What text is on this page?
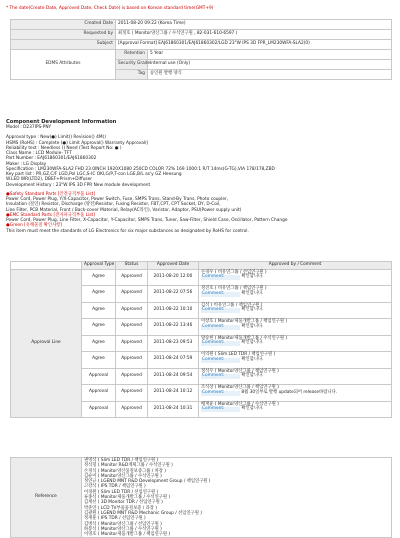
* The date(Create Date, Approved Date, Check Date) is based on Korean standard time(GMT+9)
Created Date	2011-08-20 09:22 (Korea Time)	
Requested by	최정호 ( Monitor양산그룹 / 수석연구원 , 82-031-610-6597 )	
Subject	[Approval Format] EAJ61860301/EAJ61860302/LGD 23"W IPS 3D FPR_LM230WFA-SLA2(0)	
EDMS Attributes	Retention	5 Year
	Security Grade	Internal use (Only)
	Tag	승인원 발행 양식
Component Development Information
Model : D237IPS-PNY
Approval type : New(●) Limit() Revision() 4M()
HSMS (RoHS) : Complete (●) Limit Approval() Warranty Approval()
Reliability test : Needless () Need (Test Report No: ● )
Class Name : LCD Module- TFT
Part Number : EAJ61860301/EAJ61860302
Maker : LG Display
Specification : LM230WFA-SLA2 FHD 23.0INCH 1920X1080 250CD COLOR 72% 169 1000:1 R/T 14ms(G-TG),VIA 178/178,ZBD
Key part list : PR,GZ,C/F LGD,Pol LGC,S-IC OKI,G/P,T-con LGE,B/L as'y GZ Heesung
W.LED WR(LTD2), DBEF+Prism+Diffuser
Development History : 23"W IPS 3D FPR New module development
●Safety Standard Parts [안전규격부품 List]
Power Cord, Power Plug, Y/X-Capacitor, Power Switch, Fuse, SMPS Trans, Stand-By Trans, Photo coupler,
Insulation (절연) Resistor, Discharge (방전)Resistor, Fusing Resistor, FBT,CPT, CPT Socket, DY, D-Coil,
Line Filter, PCB Material, Front / Back-cover Material, Relay(AC라인), Varistor, Adaptor, PSU(Power supply unit)
●EMC Standard Parts [전자파규격부품 List]
Power Cord, Power Plug, Line Filter, X-Capacitor, Y-Capacitor, SMPS Trans, Tuner, Saw-Filter, Shield Case, Oscillator, Pattern Change
●Green [유해물질 확인사항]
This item must meet the standards of LG Electronics for six major substances as designated by RoHS for control.
	Approval Type	Status	Approved Date	Approved by / Comment
Approval Line	Agree	Approved	2011-08-20 12:00	손경우 ( 비유연그룹 / 선임연구원 )
Comment: 확인합니다.

	Agree	Approved	2011-08-22 07:56	정진호 ( 비유연그룹 / 책임연구원 )
Comment: 확인합니다.

	Agree	Approved	2011-08-22 10:10	김석 ( 비유연그룹 / 책임연구원 )
Comment: 확인합니다.

	Agree	Approved	2011-08-22 13:46	이창호 ( Monitor제품개발그룹 / 책임연구원 )
Comment: 확인합니다.

	Agree	Approved	2011-08-23 09:53	양승현 ( Monitor제품개발그룹 / 수석연구원 )
Comment: 확인합니다.

	Agree	Approved	2011-08-24 07:59	이의원 ( Slim LED TDR / 책임연구원 )
Comment: 확인합니다.

	Approval	Approved	2011-08-24 09:54	정석우 ( Monitor양산그룹 / 책임연구원 )
Comment: 확인합니다.

	Approval	Approved	2011-08-24 10:12	조석상 ( Monitor양산그룹 / 책임연구원 )
Comment: 8월 30일부로 발행 update되어 release바랍니다.

	Approval	Approved	2011-08-24 10:31	배재윤 ( Monitor양산그룹 / 수석연구원 )
Comment: 확인합니다.
Reference	
권영석 ( Slim LED TDR / 책임연구원 )
정석형 ( Monitor R&D계획그룹 / 수석연구원 )
손경석 ( Monitor양산품질보증그룹 / 차장 )
김순미 ( Monitor양산그룹 / 수석연구원 )
정연규 ( LGEND MNT R&D Development Group / 책임연구원 )
고강석 ( IPS TDR / 책임연구원 )
이경원 ( Slim LED TDR / 선임연구원 )
류종석 ( Monitor제품개발그룹 / 수석연구원 )
김재선 ( 3D Monitor TDR / 선임연구원 )
박준연 ( LCD TV부품품질보증 / 과장 )
김광원 ( LGEND MNT R&D Mechanic Group / 선임연구원 )
정재훈 ( IPS TDR / 선임연구원 )
김병석 ( Monitor양산그룹 / 선임연구원 )
하봉석 ( Monitor양산그룹 / 수석연구원 )
이영호 ( Monitor제품개발그룹 / 책임연구원 )
